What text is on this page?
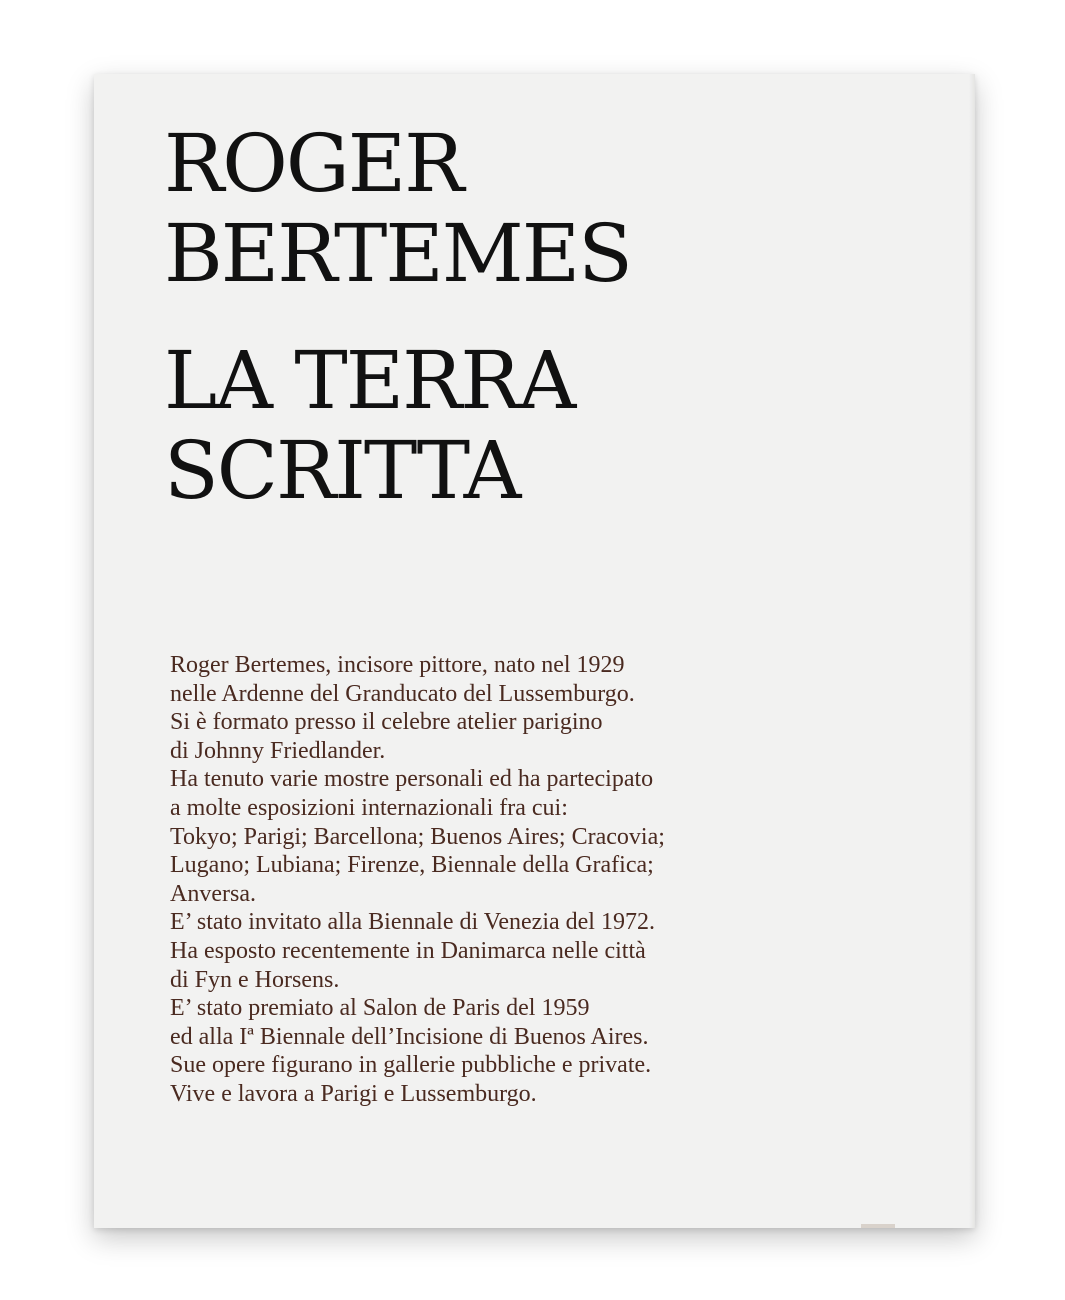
ROGER
BERTEMES
LA TERRA
SCRITTA

Roger Bertemes, incisore pittore, nato nel 1929
nelle Ardenne del Granducato del Lussemburgo.
Si è formato presso il celebre atelier parigino
di Johnny Friedlander.
Ha tenuto varie mostre personali ed ha partecipato
a molte esposizioni internazionali fra cui:
Tokyo; Parigi; Barcellona; Buenos Aires; Cracovia;
Lugano; Lubiana; Firenze, Biennale della Grafica;
Anversa.
E’ stato invitato alla Biennale di Venezia del 1972.
Ha esposto recentemente in Danimarca nelle città
di Fyn e Horsens.
E’ stato premiato al Salon de Paris del 1959
ed alla Iª Biennale dell’Incisione di Buenos Aires.
Sue opere figurano in gallerie pubbliche e private.
Vive e lavora a Parigi e Lussemburgo.
